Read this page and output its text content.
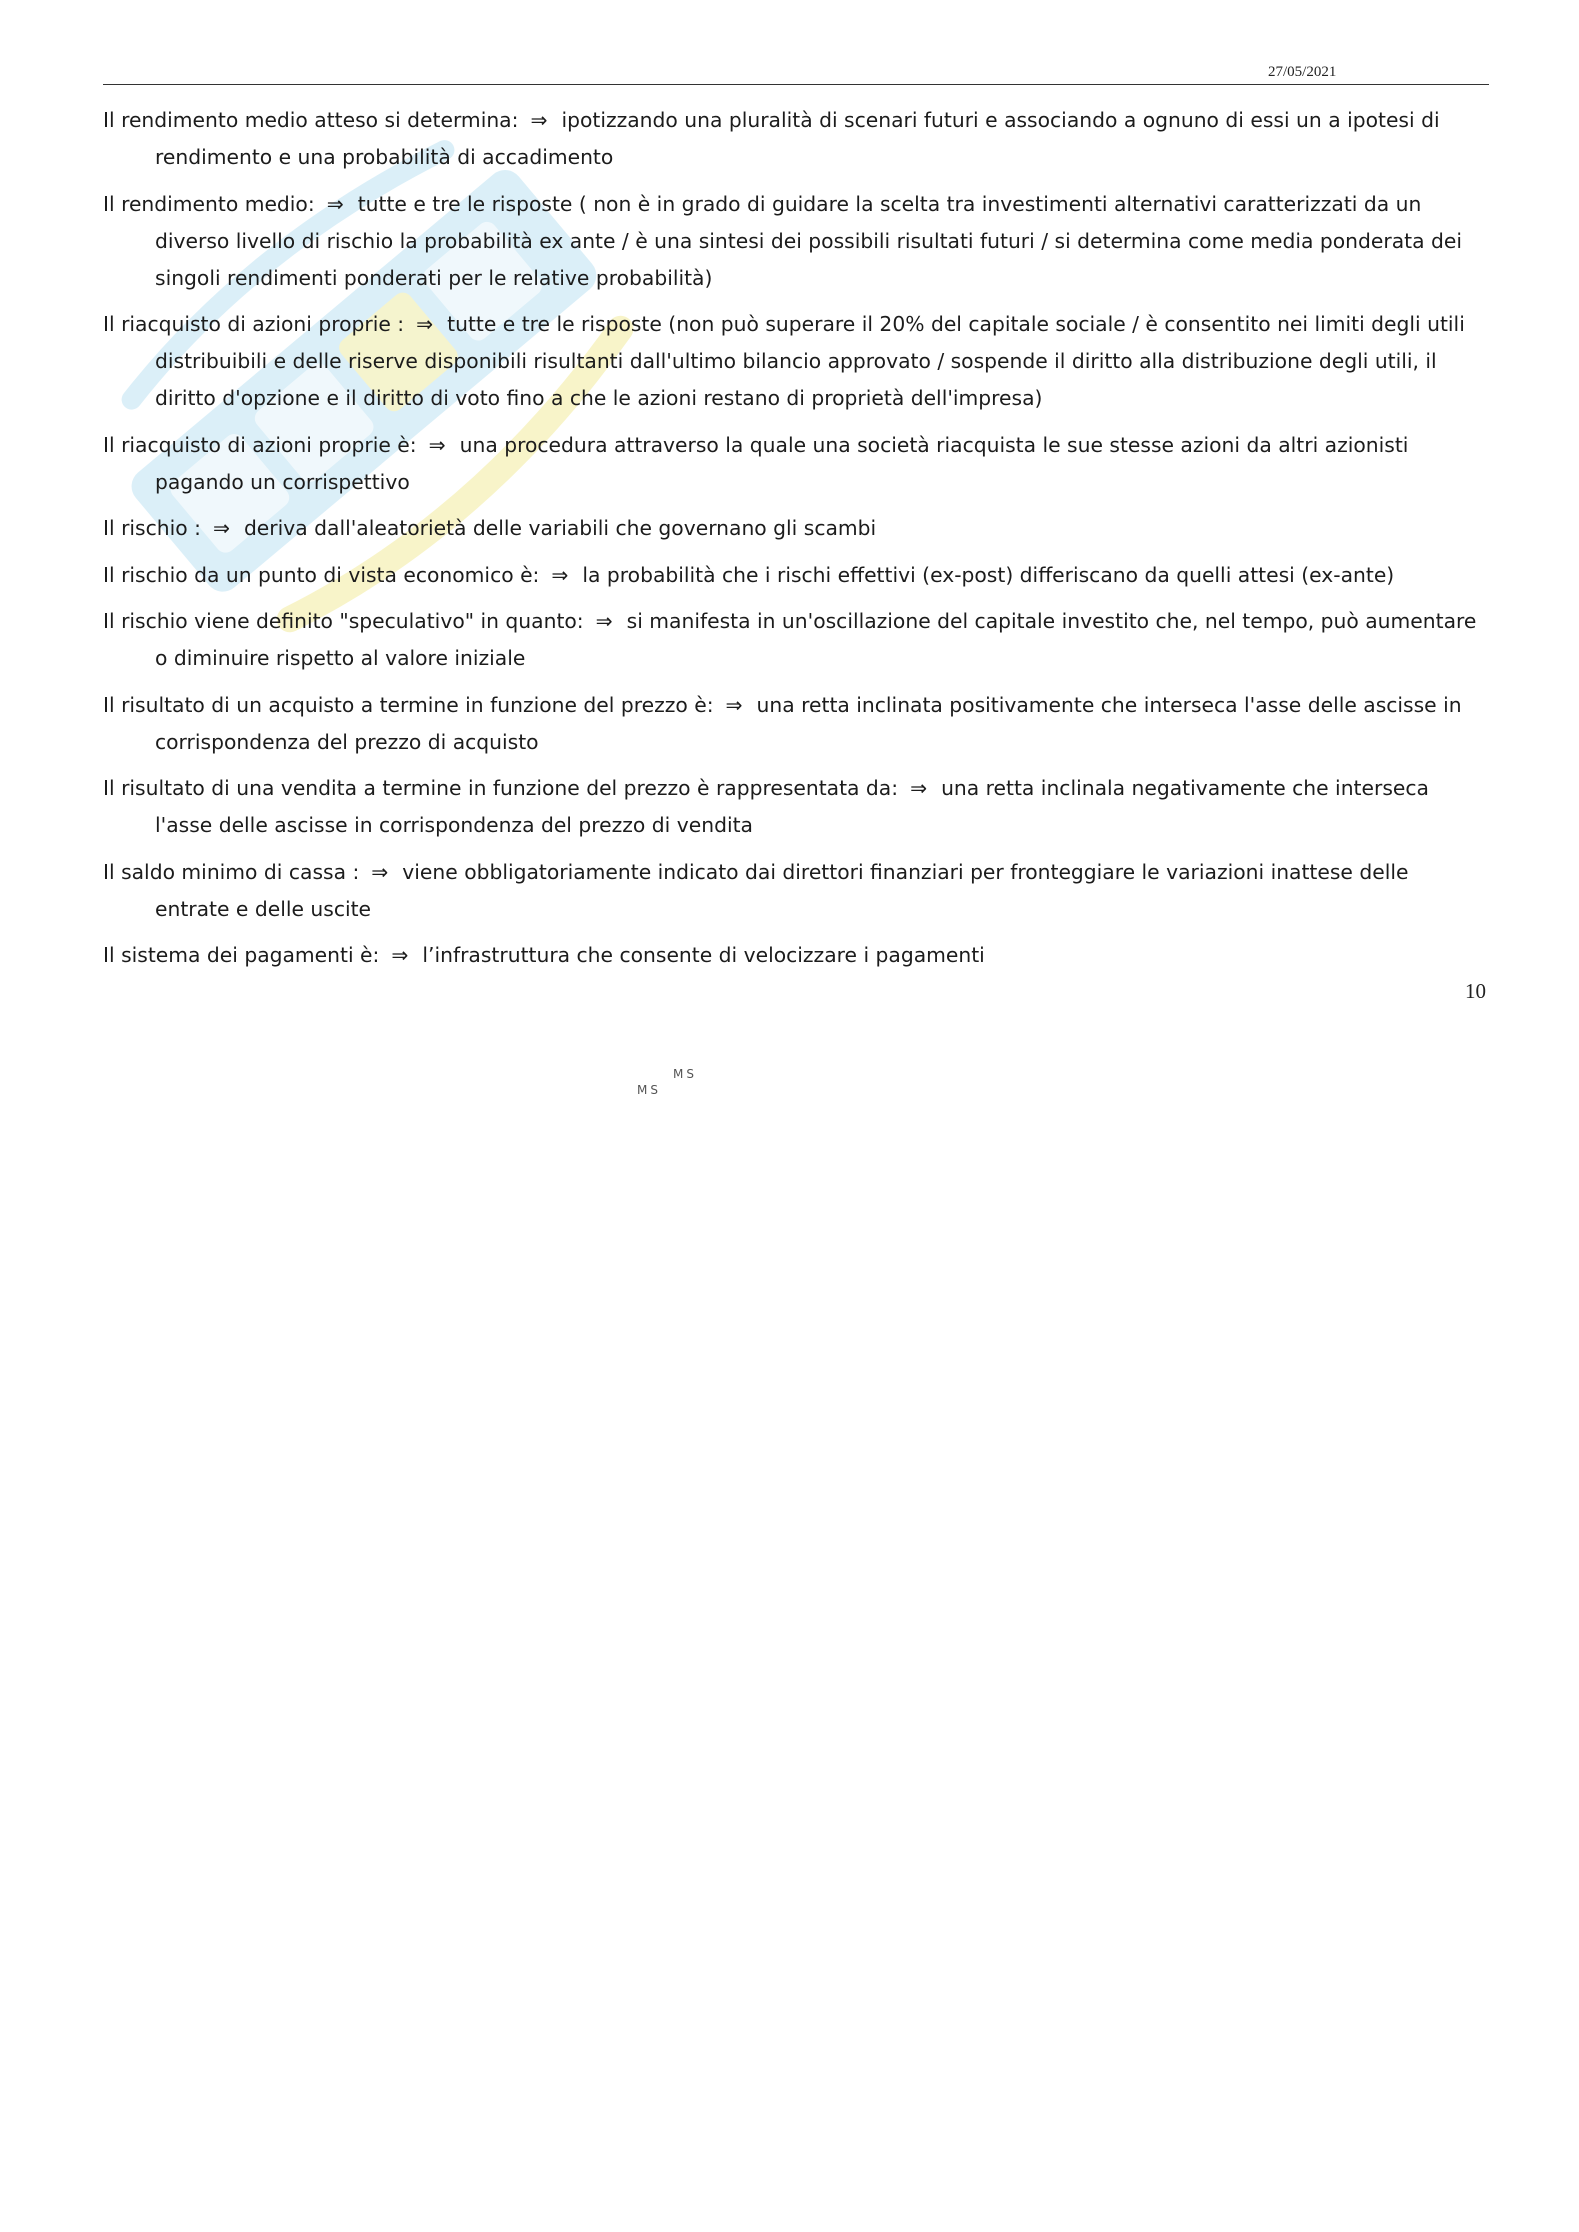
27/05/2021

Il rendimento medio atteso si determina: ⇒ ipotizzando una pluralità di scenari futuri e associando a ognuno di essi un a ipotesi di rendimento e una probabilità di accadimento

Il rendimento medio: ⇒ tutte e tre le risposte ( non è in grado di guidare la scelta tra investimenti alternativi caratterizzati da un diverso livello di rischio la probabilità ex ante / è una sintesi dei possibili risultati futuri / si determina come media ponderata dei singoli rendimenti ponderati per le relative probabilità)

Il riacquisto di azioni proprie : ⇒ tutte e tre le risposte (non può superare il 20% del capitale sociale / è consentito nei limiti degli utili distribuibili e delle riserve disponibili risultanti dall'ultimo bilancio approvato / sospende il diritto alla distribuzione degli utili, il diritto d'opzione e il diritto di voto fino a che le azioni restano di proprietà dell'impresa)

Il riacquisto di azioni proprie è: ⇒ una procedura attraverso la quale una società riacquista le sue stesse azioni da altri azionisti pagando un corrispettivo

Il rischio : ⇒ deriva dall'aleatorietà delle variabili che governano gli scambi

Il rischio da un punto di vista economico è: ⇒ la probabilità che i rischi effettivi (ex-post) differiscano da quelli attesi (ex-ante)

Il rischio viene definito "speculativo" in quanto: ⇒ si manifesta in un'oscillazione del capitale investito che, nel tempo, può aumentare o diminuire rispetto al valore iniziale

Il risultato di un acquisto a termine in funzione del prezzo è: ⇒ una retta inclinata positivamente che interseca l'asse delle ascisse in corrispondenza del prezzo di acquisto

Il risultato di una vendita a termine in funzione del prezzo è rappresentata da: ⇒ una retta inclinala negativamente che interseca l'asse delle ascisse in corrispondenza del prezzo di vendita

Il saldo minimo di cassa : ⇒ viene obbligatoriamente indicato dai direttori finanziari per fronteggiare le variazioni inattese delle entrate e delle uscite

Il sistema dei pagamenti è: ⇒ l’infrastruttura che consente di velocizzare i pagamenti

10
MS
MS
